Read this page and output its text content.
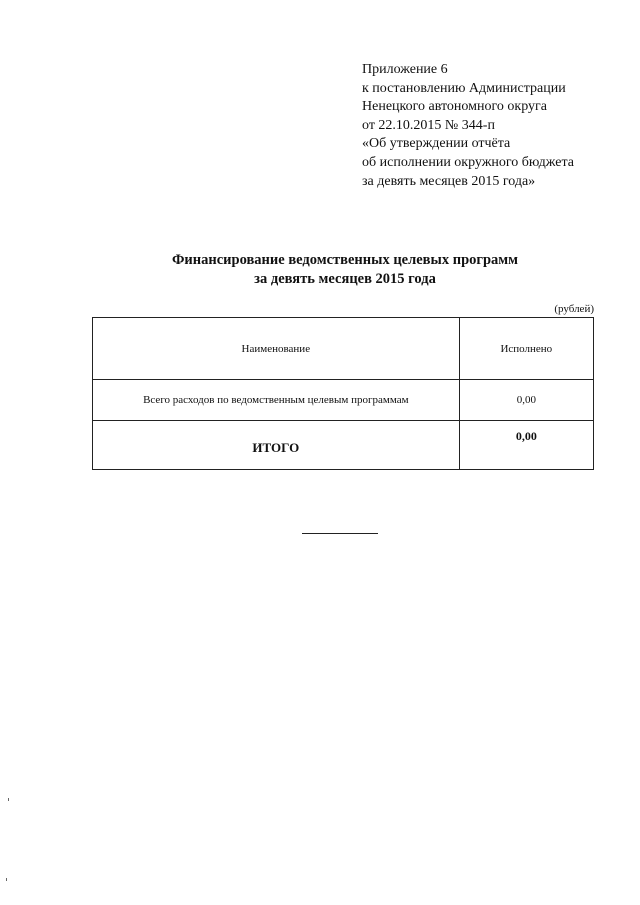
Приложение 6
к постановлению Администрации
Ненецкого автономного округа
от 22.10.2015 № 344-п
«Об утверждении отчёта
об исполнении окружного бюджета
за девять месяцев 2015 года»
Финансирование ведомственных целевых программ
за девять месяцев 2015 года
(рублей)
Наименование	Исполнено
Всего расходов по ведомственным целевым программам	0,00
ИТОГО	0,00
